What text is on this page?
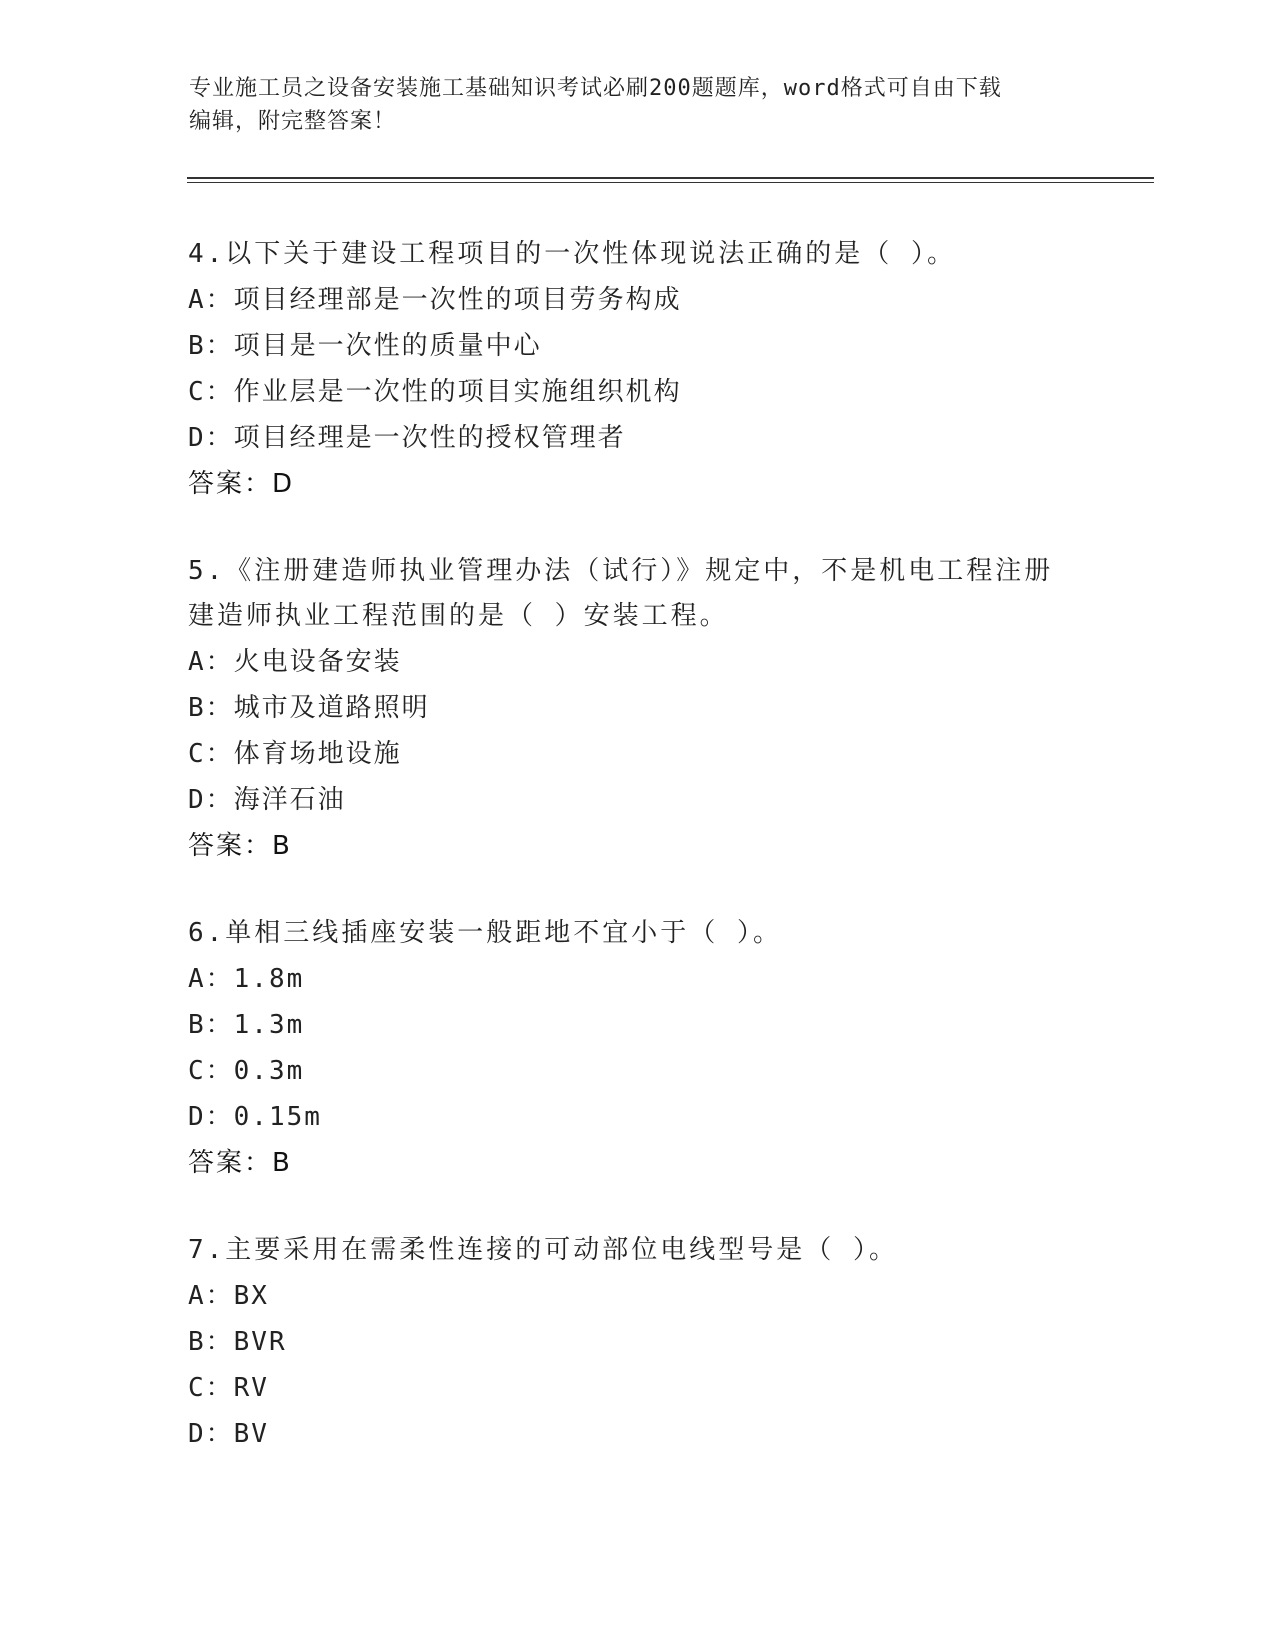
专业施工员之设备安装施工基础知识考试必刷200题题库，word格式可自由下载
编辑，附完整答案！
4.以下关于建设工程项目的一次性体现说法正确的是（ ）。
A：项目经理部是一次性的项目劳务构成
B：项目是一次性的质量中心
C：作业层是一次性的项目实施组织机构
D：项目经理是一次性的授权管理者
答案：D
5.《注册建造师执业管理办法（试行）》规定中，不是机电工程注册
建造师执业工程范围的是（ ）安装工程。
A：火电设备安装
B：城市及道路照明
C：体育场地设施
D：海洋石油
答案：B
6.单相三线插座安装一般距地不宜小于（ ）。
A：1.8m
B：1.3m
C：0.3m
D：0.15m
答案：B
7.主要采用在需柔性连接的可动部位电线型号是（ ）。
A：BX
B：BVR
C：RV
D：BV
